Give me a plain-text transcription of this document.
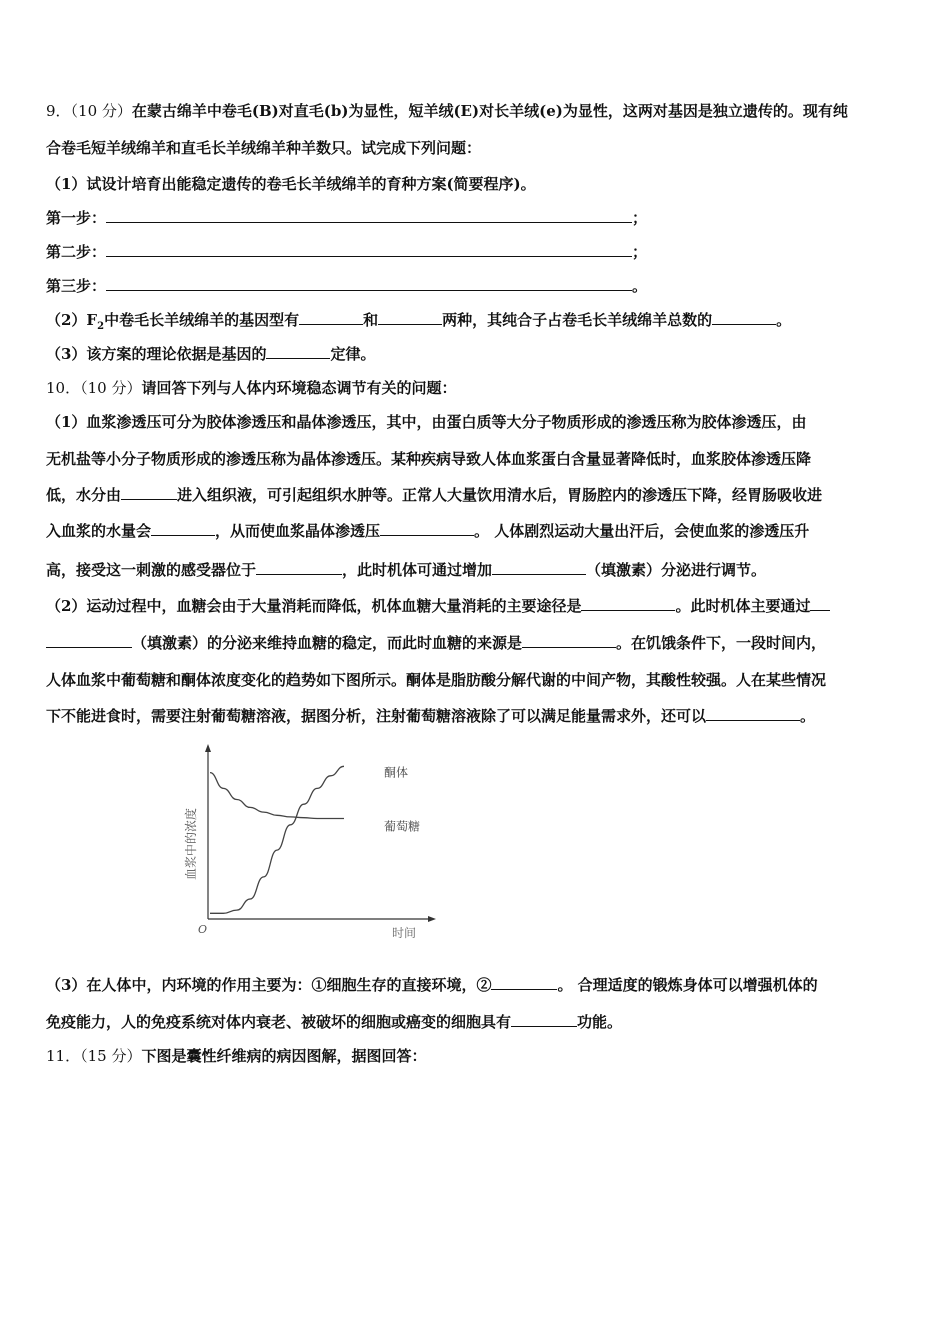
9．（10 分）在蒙古绵羊中卷毛(B)对直毛(b)为显性，短羊绒(E)对长羊绒(e)为显性，这两对基因是独立遗传的。现有纯
合卷毛短羊绒绵羊和直毛长羊绒绵羊种羊数只。试完成下列问题：
（1）试设计培育出能稳定遗传的卷毛长羊绒绵羊的育种方案(简要程序)。
第一步：	；
第二步：	；
第三步：	。
$(2)F_2$中卷毛长羊绒绵羊的基因型有	和	两种，其纯合子占卷毛长羊绒绵羊总数的	。
（3）该方案的理论依据是基因的	定律。
10．（10 分）请回答下列与人体内环境稳态调节有关的问题：
（1）血浆渗透压可分为胶体渗透压和晶体渗透压，其中，由蛋白质等大分子物质形成的渗透压称为胶体渗透压，由
无机盐等小分子物质形成的渗透压称为晶体渗透压。某种疾病导致人体血浆蛋白含量显著降低时，血浆胶体渗透压降
低，水分由	进入组织液，可引起组织水肿等。正常人大量饮用清水后，胃肠腔内的渗透压下降，经胃肠吸收进
入血浆的水量会	，从而使血浆晶体渗透压	。 人体剧烈运动大量出汗后，会使血浆的渗透压升
高，接受这一刺激的感受器位于	，此时机体可通过增加	（填激素）分泌进行调节。
（2）运动过程中，血糖会由于大量消耗而降低，机体血糖大量消耗的主要途径是	。此时机体主要通过
（填激素）的分泌来维持血糖的稳定，而此时血糖的来源是	。在饥饿条件下，一段时间内，
人体血浆中葡萄糖和酮体浓度变化的趋势如下图所示。酮体是脂肪酸分解代谢的中间产物，其酸性较强。人在某些情况
下不能进食时，需要注射葡萄糖溶液，据图分析，注射葡萄糖溶液除了可以满足能量需求外，还可以	。
O	时间
血浆中的浓度
酮体
葡萄糖
（3）在人体中，内环境的作用主要为：①细胞生存的直接环境，②	。 合理适度的锻炼身体可以增强机体的
免疫能力，人的免疫系统对体内衰老、被破坏的细胞或癌变的细胞具有	功能。
11．（15 分）下图是囊性纤维病的病因图解，据图回答：
